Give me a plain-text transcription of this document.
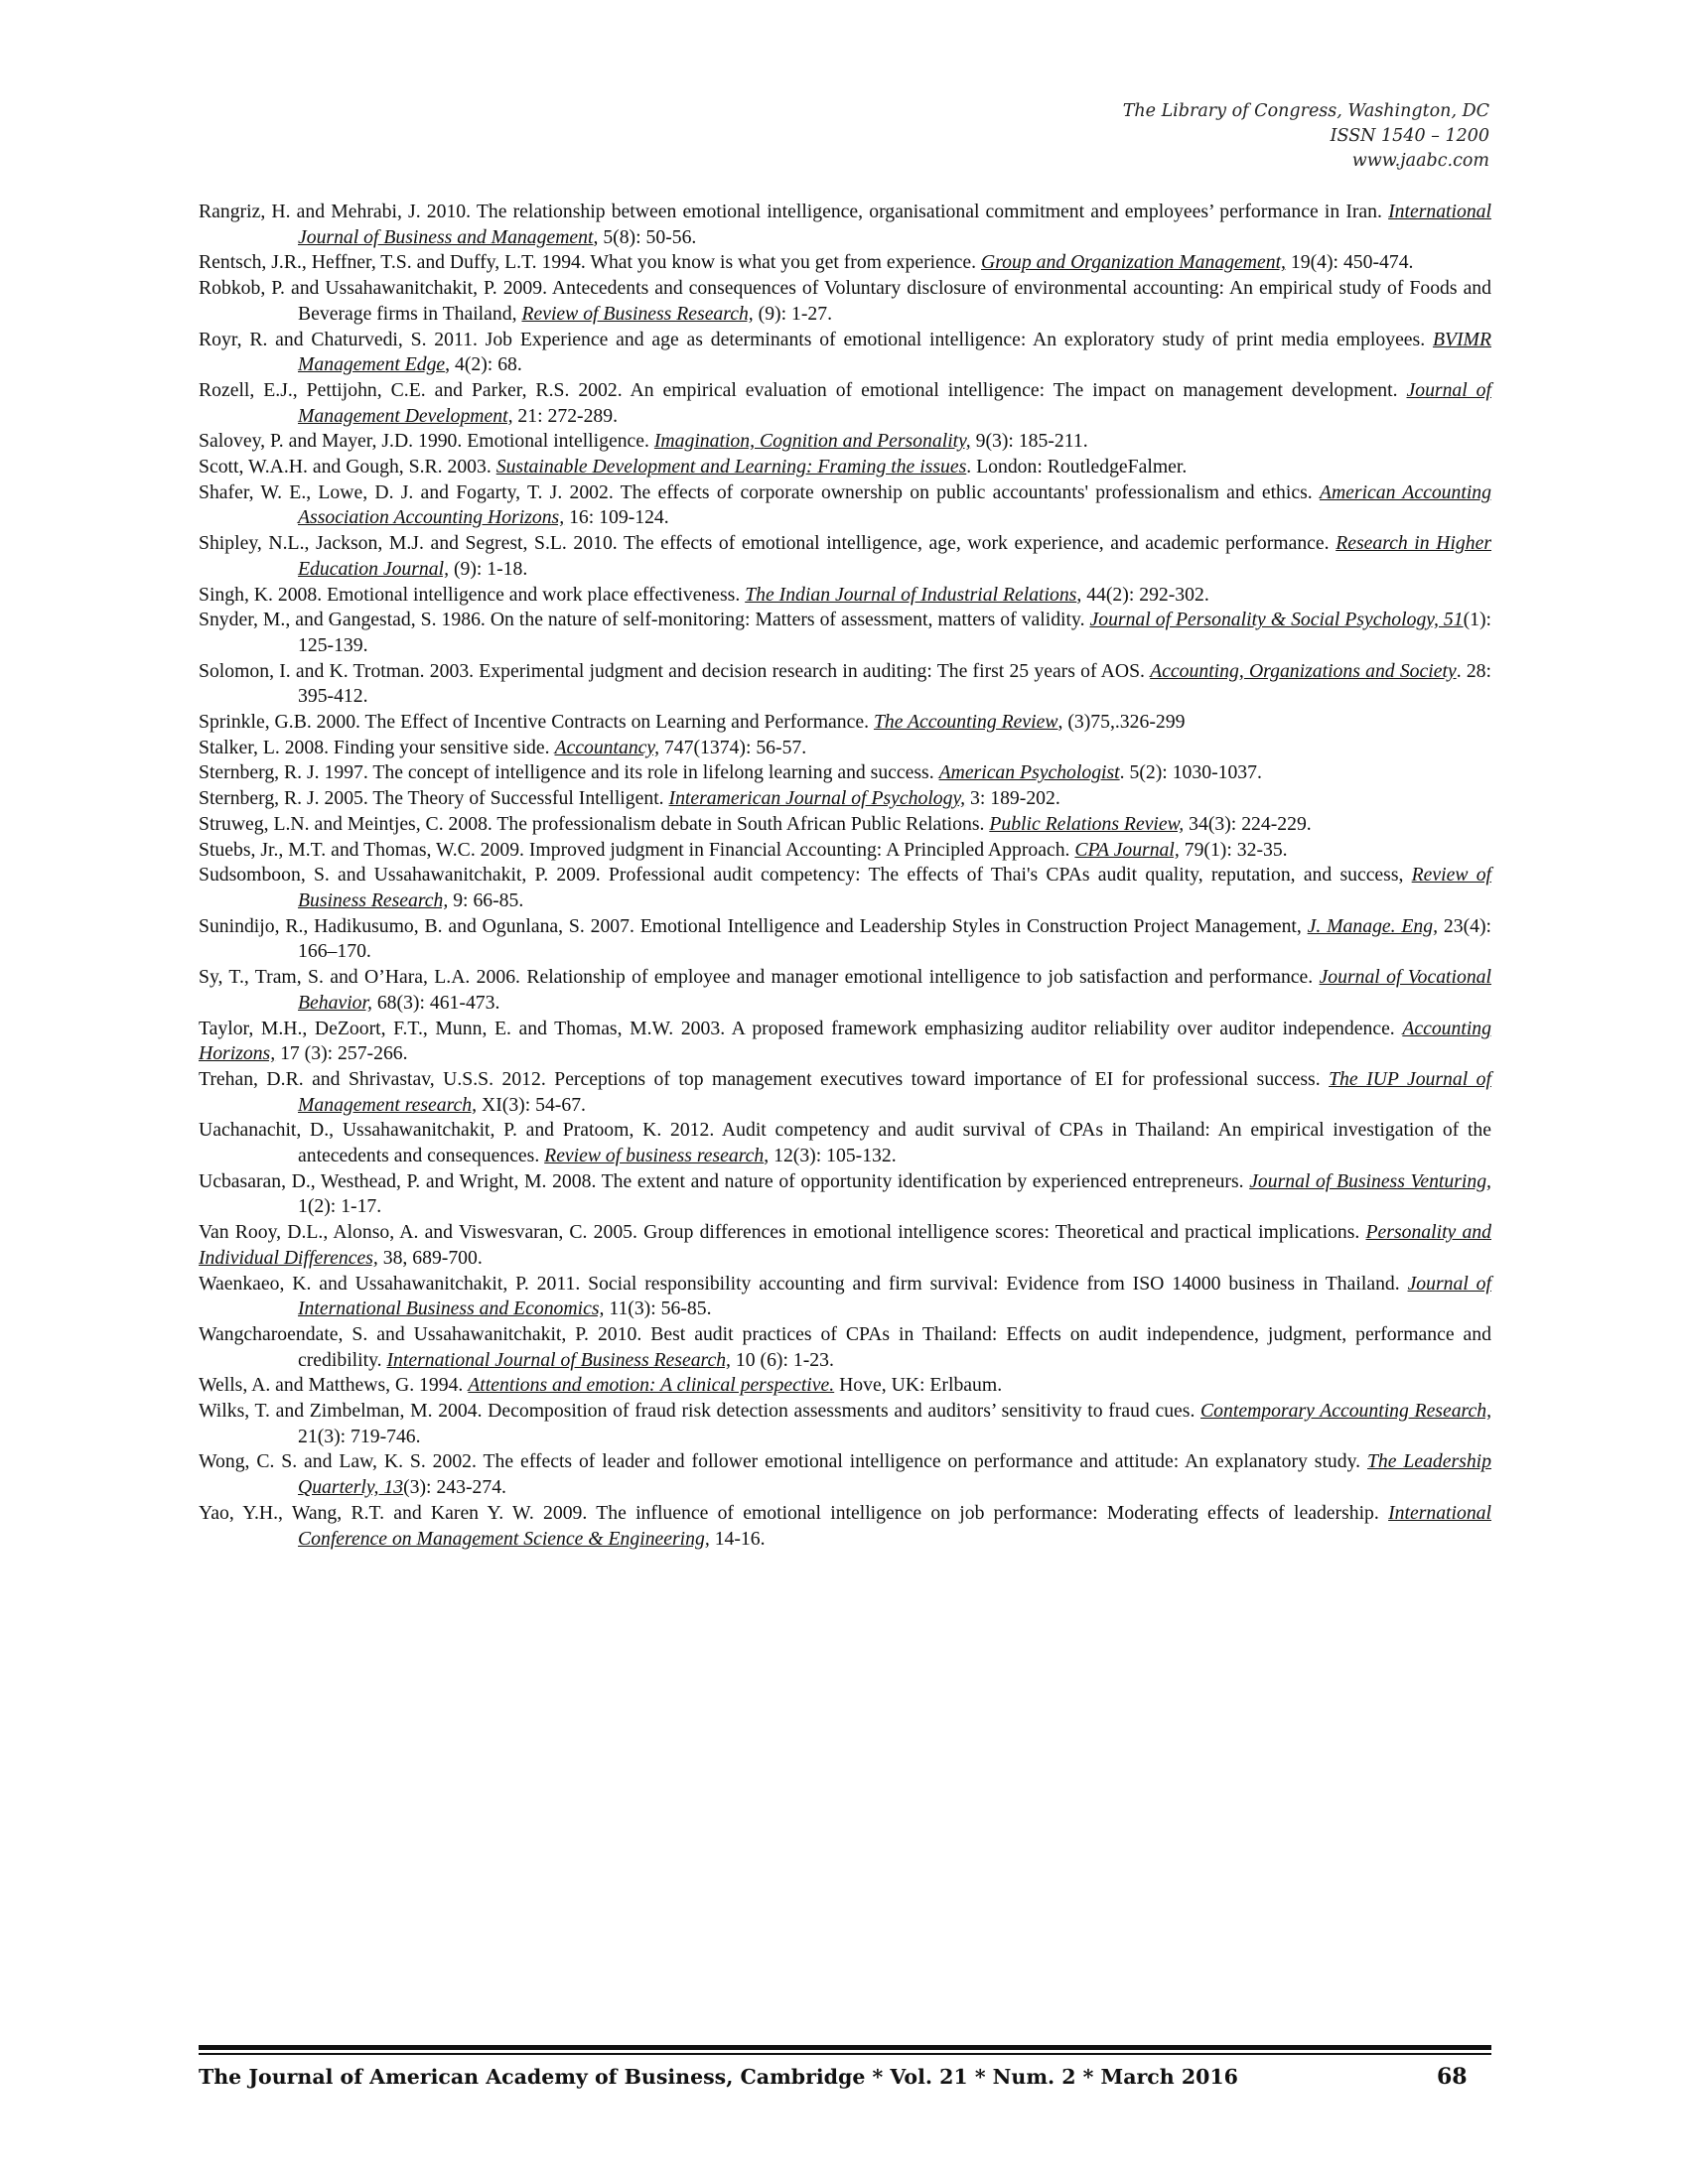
The Library of Congress, Washington, DC
ISSN 1540 – 1200
www.jaabc.com

Rangriz, H. and Mehrabi, J. 2010. The relationship between emotional intelligence, organisational commitment and employees’ performance in Iran. International Journal of Business and Management, 5(8): 50-56.

Rentsch, J.R., Heffner, T.S. and Duffy, L.T. 1994. What you know is what you get from experience. Group and Organization Management, 19(4): 450-474.

Robkob, P. and Ussahawanitchakit, P. 2009. Antecedents and consequences of Voluntary disclosure of environmental accounting: An empirical study of Foods and Beverage firms in Thailand, Review of Business Research, (9): 1-27.

Royr, R. and Chaturvedi, S. 2011. Job Experience and age as determinants of emotional intelligence: An exploratory study of print media employees. BVIMR Management Edge, 4(2): 68.

Rozell, E.J., Pettijohn, C.E. and Parker, R.S. 2002. An empirical evaluation of emotional intelligence: The impact on management development. Journal of Management Development, 21: 272-289.

Salovey, P. and Mayer, J.D. 1990. Emotional intelligence. Imagination, Cognition and Personality, 9(3): 185-211.

Scott, W.A.H. and Gough, S.R. 2003. Sustainable Development and Learning: Framing the issues. London: RoutledgeFalmer.

Shafer, W. E., Lowe, D. J. and Fogarty, T. J. 2002. The effects of corporate ownership on public accountants' professionalism and ethics. American Accounting Association Accounting Horizons, 16: 109-124.

Shipley, N.L., Jackson, M.J. and Segrest, S.L. 2010. The effects of emotional intelligence, age, work experience, and academic performance. Research in Higher Education Journal, (9): 1-18.

Singh, K. 2008. Emotional intelligence and work place effectiveness. The Indian Journal of Industrial Relations, 44(2): 292-302.

Snyder, M., and Gangestad, S. 1986. On the nature of self-monitoring: Matters of assessment, matters of validity. Journal of Personality & Social Psychology, 51(1): 125-139.

Solomon, I. and K. Trotman. 2003. Experimental judgment and decision research in auditing: The first 25 years of AOS. Accounting, Organizations and Society. 28: 395-412.

Sprinkle, G.B. 2000. The Effect of Incentive Contracts on Learning and Performance. The Accounting Review, (3)75,.326-299

Stalker, L. 2008. Finding your sensitive side. Accountancy, 747(1374): 56-57.

Sternberg, R. J. 1997. The concept of intelligence and its role in lifelong learning and success. American Psychologist. 5(2): 1030-1037.

Sternberg, R. J. 2005. The Theory of Successful Intelligent. Interamerican Journal of Psychology, 3: 189-202.

Struweg, L.N. and Meintjes, C. 2008. The professionalism debate in South African Public Relations. Public Relations Review, 34(3): 224-229.

Stuebs, Jr., M.T. and Thomas, W.C. 2009. Improved judgment in Financial Accounting: A Principled Approach. CPA Journal, 79(1): 32-35.

Sudsomboon, S. and Ussahawanitchakit, P. 2009. Professional audit competency: The effects of Thai's CPAs audit quality, reputation, and success, Review of Business Research, 9: 66-85.

Sunindijo, R., Hadikusumo, B. and Ogunlana, S. 2007. Emotional Intelligence and Leadership Styles in Construction Project Management, J. Manage. Eng, 23(4): 166–170.

Sy, T., Tram, S. and O’Hara, L.A. 2006. Relationship of employee and manager emotional intelligence to job satisfaction and performance. Journal of Vocational Behavior, 68(3): 461-473.

Taylor, M.H., DeZoort, F.T., Munn, E. and Thomas, M.W. 2003. A proposed framework emphasizing auditor reliability over auditor independence. Accounting Horizons, 17 (3): 257-266.

Trehan, D.R. and Shrivastav, U.S.S. 2012. Perceptions of top management executives toward importance of EI for professional success. The IUP Journal of Management research, XI(3): 54-67.

Uachanachit, D., Ussahawanitchakit, P. and Pratoom, K. 2012. Audit competency and audit survival of CPAs in Thailand: An empirical investigation of the antecedents and consequences. Review of business research, 12(3): 105-132.

Ucbasaran, D., Westhead, P. and Wright, M. 2008. The extent and nature of opportunity identification by experienced entrepreneurs. Journal of Business Venturing, 1(2): 1-17.

Van Rooy, D.L., Alonso, A. and Viswesvaran, C. 2005. Group differences in emotional intelligence scores: Theoretical and practical implications. Personality and Individual Differences, 38, 689-700.

Waenkaeo, K. and Ussahawanitchakit, P. 2011. Social responsibility accounting and firm survival: Evidence from ISO 14000 business in Thailand. Journal of International Business and Economics, 11(3): 56-85.

Wangcharoendate, S. and Ussahawanitchakit, P. 2010. Best audit practices of CPAs in Thailand: Effects on audit independence, judgment, performance and credibility. International Journal of Business Research, 10 (6): 1-23.

Wells, A. and Matthews, G. 1994. Attentions and emotion: A clinical perspective. Hove, UK: Erlbaum.

Wilks, T. and Zimbelman, M. 2004. Decomposition of fraud risk detection assessments and auditors’ sensitivity to fraud cues. Contemporary Accounting Research, 21(3): 719-746.

Wong, C. S. and Law, K. S. 2002. The effects of leader and follower emotional intelligence on performance and attitude: An explanatory study. The Leadership Quarterly, 13(3): 243-274.

Yao, Y.H., Wang, R.T. and Karen Y. W. 2009. The influence of emotional intelligence on job performance: Moderating effects of leadership. International Conference on Management Science & Engineering, 14-16.

The Journal of American Academy of Business, Cambridge * Vol. 21 * Num. 2 * March 2016	68
